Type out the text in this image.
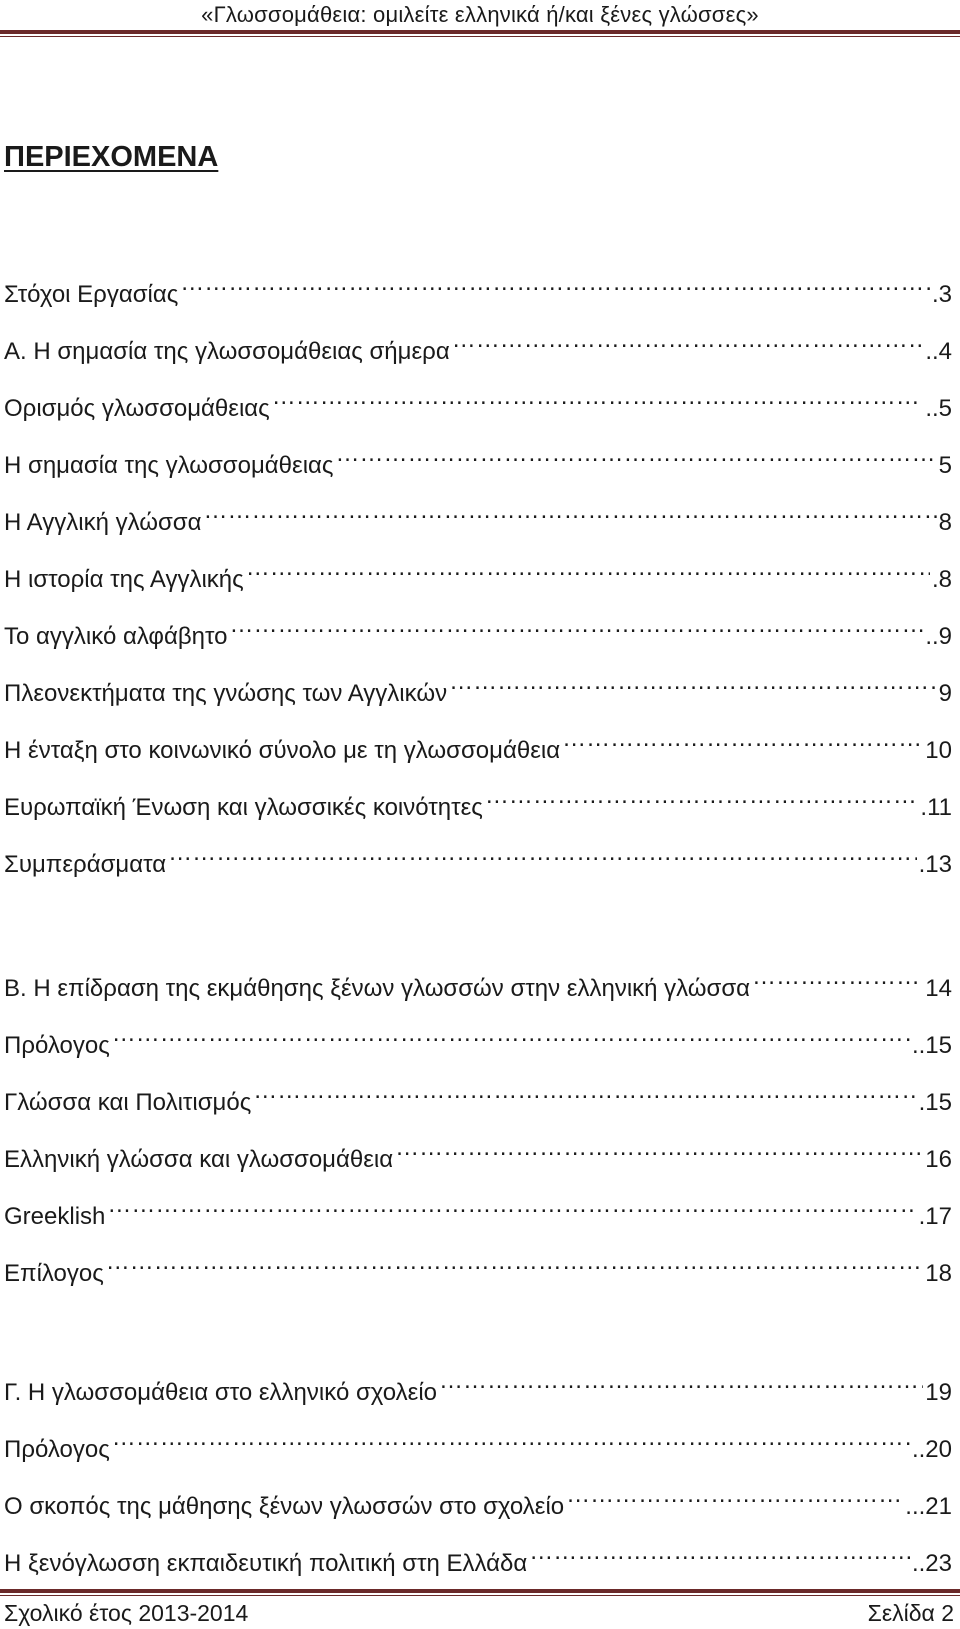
«Γλωσσομάθεια: ομιλείτε ελληνικά ή/και ξένες γλώσσες»
ΠΕΡΙΕΧΟΜΕΝΑ
Στόχοι Εργασίας ………………………………………………………………………………………………………………………………………………………………………………………	.3
Α. Η σημασία της γλωσσομάθειας σήμερα ………………………………………………………………………………………………………………………………………………………………………………………	..4
Ορισμός γλωσσομάθειας ………………………………………………………………………………………………………………………………………………………………………………………	..5
Η σημασία της γλωσσομάθειας ………………………………………………………………………………………………………………………………………………………………………………………	5
Η Αγγλική γλώσσα ………………………………………………………………………………………………………………………………………………………………………………………	8
Η ιστορία της Αγγλικής ………………………………………………………………………………………………………………………………………………………………………………………	.8
Το αγγλικό αλφάβητο ………………………………………………………………………………………………………………………………………………………………………………………	..9
Πλεονεκτήματα της γνώσης των Αγγλικών ………………………………………………………………………………………………………………………………………………………………………………………	9
Η ένταξη στο κοινωνικό σύνολο με τη γλωσσομάθεια ………………………………………………………………………………………………………………………………………………………………………………………	10
Ευρωπαϊκή Ένωση και γλωσσικές κοινότητες ………………………………………………………………………………………………………………………………………………………………………………………	.11
Συμπεράσματα ………………………………………………………………………………………………………………………………………………………………………………………	.13
Β. Η επίδραση της εκμάθησης ξένων γλωσσών στην ελληνική γλώσσα ………………………………………………………………………………………………………………………………………………………………………………………	14
Πρόλογος ………………………………………………………………………………………………………………………………………………………………………………………	..15
Γλώσσα και Πολιτισμός ………………………………………………………………………………………………………………………………………………………………………………………	.15
Ελληνική γλώσσα και γλωσσομάθεια ………………………………………………………………………………………………………………………………………………………………………………………	16
Greeklish ………………………………………………………………………………………………………………………………………………………………………………………	.17
Επίλογος ………………………………………………………………………………………………………………………………………………………………………………………	18
Γ. Η γλωσσομάθεια στο ελληνικό σχολείο ………………………………………………………………………………………………………………………………………………………………………………………	19
Πρόλογος ………………………………………………………………………………………………………………………………………………………………………………………	..20
Ο σκοπός της μάθησης ξένων γλωσσών στο σχολείο ………………………………………………………………………………………………………………………………………………………………………………………	...21
Η ξενόγλωσση εκπαιδευτική πολιτική στη Ελλάδα ………………………………………………………………………………………………………………………………………………………………………………………	..23
Σχολικό έτος 2013-2014	Σελίδα 2
